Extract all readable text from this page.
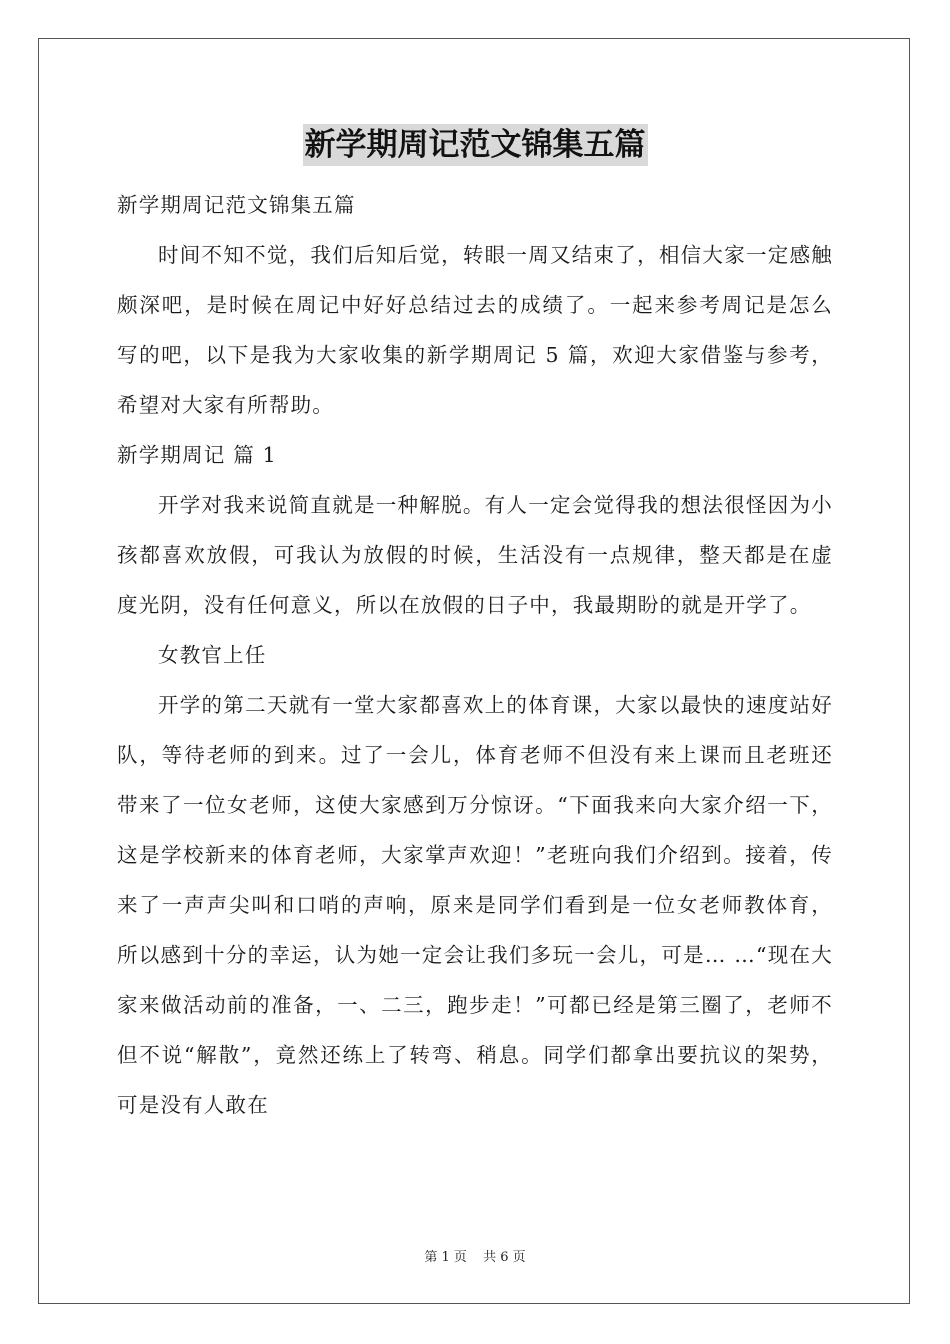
新学期周记范文锦集五篇

新学期周记范文锦集五篇

时间不知不觉，我们后知后觉，转眼一周又结束了，相信大家一定感触颇深吧，是时候在周记中好好总结过去的成绩了。一起来参考周记是怎么写的吧，以下是我为大家收集的新学期周记 5 篇，欢迎大家借鉴与参考，希望对大家有所帮助。

新学期周记 篇 1

开学对我来说简直就是一种解脱。有人一定会觉得我的想法很怪因为小孩都喜欢放假，可我认为放假的时候，生活没有一点规律，整天都是在虚度光阴，没有任何意义，所以在放假的日子中，我最期盼的就是开学了。

女教官上任

开学的第二天就有一堂大家都喜欢上的体育课，大家以最快的速度站好队，等待老师的到来。过了一会儿，体育老师不但没有来上课而且老班还带来了一位女老师，这使大家感到万分惊讶。“下面我来向大家介绍一下，这是学校新来的体育老师，大家掌声欢迎！”老班向我们介绍到。接着，传来了一声声尖叫和口哨的声响，原来是同学们看到是一位女老师教体育，所以感到十分的幸运，认为她一定会让我们多玩一会儿，可是… …“现在大家来做活动前的准备，一、二三，跑步走！”可都已经是第三圈了，老师不但不说“解散”，竟然还练上了转弯、稍息。同学们都拿出要抗议的架势，可是没有人敢在

第 1 页 共 6 页
